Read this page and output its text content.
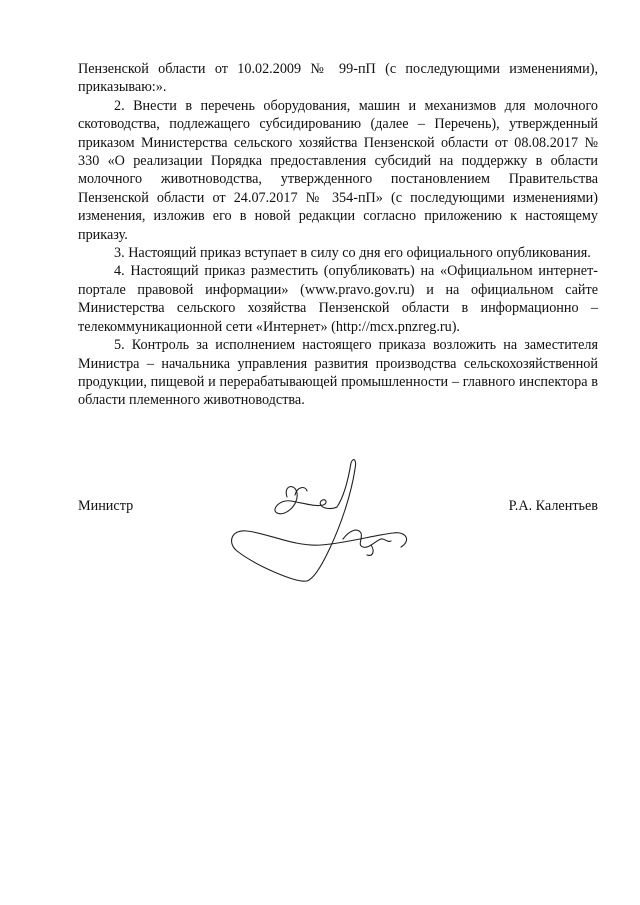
Пензенской области от 10.02.2009 № 99-пП (с последующими изменениями), приказываю:».

2. Внести в перечень оборудования, машин и механизмов для молочного скотоводства, подлежащего субсидированию (далее – Перечень), утвержденный приказом Министерства сельского хозяйства Пензенской области от 08.08.2017 № 330 «О реализации Порядка предоставления субсидий на поддержку в области молочного животноводства, утвержденного постановлением Правительства Пензенской области от 24.07.2017 № 354-пП» (с последующими изменениями) изменения, изложив его в новой редакции согласно приложению к настоящему приказу.

3. Настоящий приказ вступает в силу со дня его официального опубликования.

4. Настоящий приказ разместить (опубликовать) на «Официальном интернет-портале правовой информации» (www.pravo.gov.ru) и на официальном сайте Министерства сельского хозяйства Пензенской области в информационно – телекоммуникационной сети «Интернет» (http://mcx.pnzreg.ru).

5. Контроль за исполнением настоящего приказа возложить на заместителя Министра – начальника управления развития производства сельскохозяйственной продукции, пищевой и перерабатывающей промышленности – главного инспектора в области племенного животноводства.

Министр	Р.А. Калентьев
